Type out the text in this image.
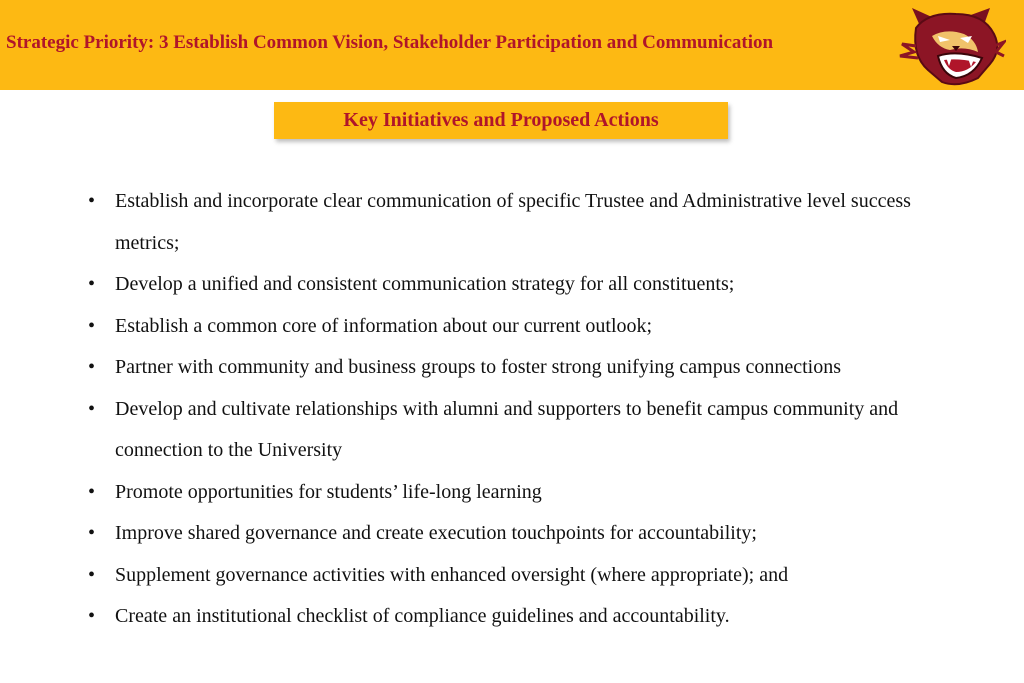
Strategic Priority: 3 Establish Common Vision, Stakeholder Participation and Communication
Key Initiatives and Proposed Actions
• Establish and incorporate clear communication of specific Trustee and Administrative level success metrics;
• Develop a unified and consistent communication strategy for all constituents;
• Establish a common core of information about our current outlook;
• Partner with community and business groups to foster strong unifying campus connections
• Develop and cultivate relationships with alumni and supporters to benefit campus community and connection to the University
• Promote opportunities for students’ life-long learning
• Improve shared governance and create execution touchpoints for accountability;
• Supplement governance activities with enhanced oversight (where appropriate); and
• Create an institutional checklist of compliance guidelines and accountability.
